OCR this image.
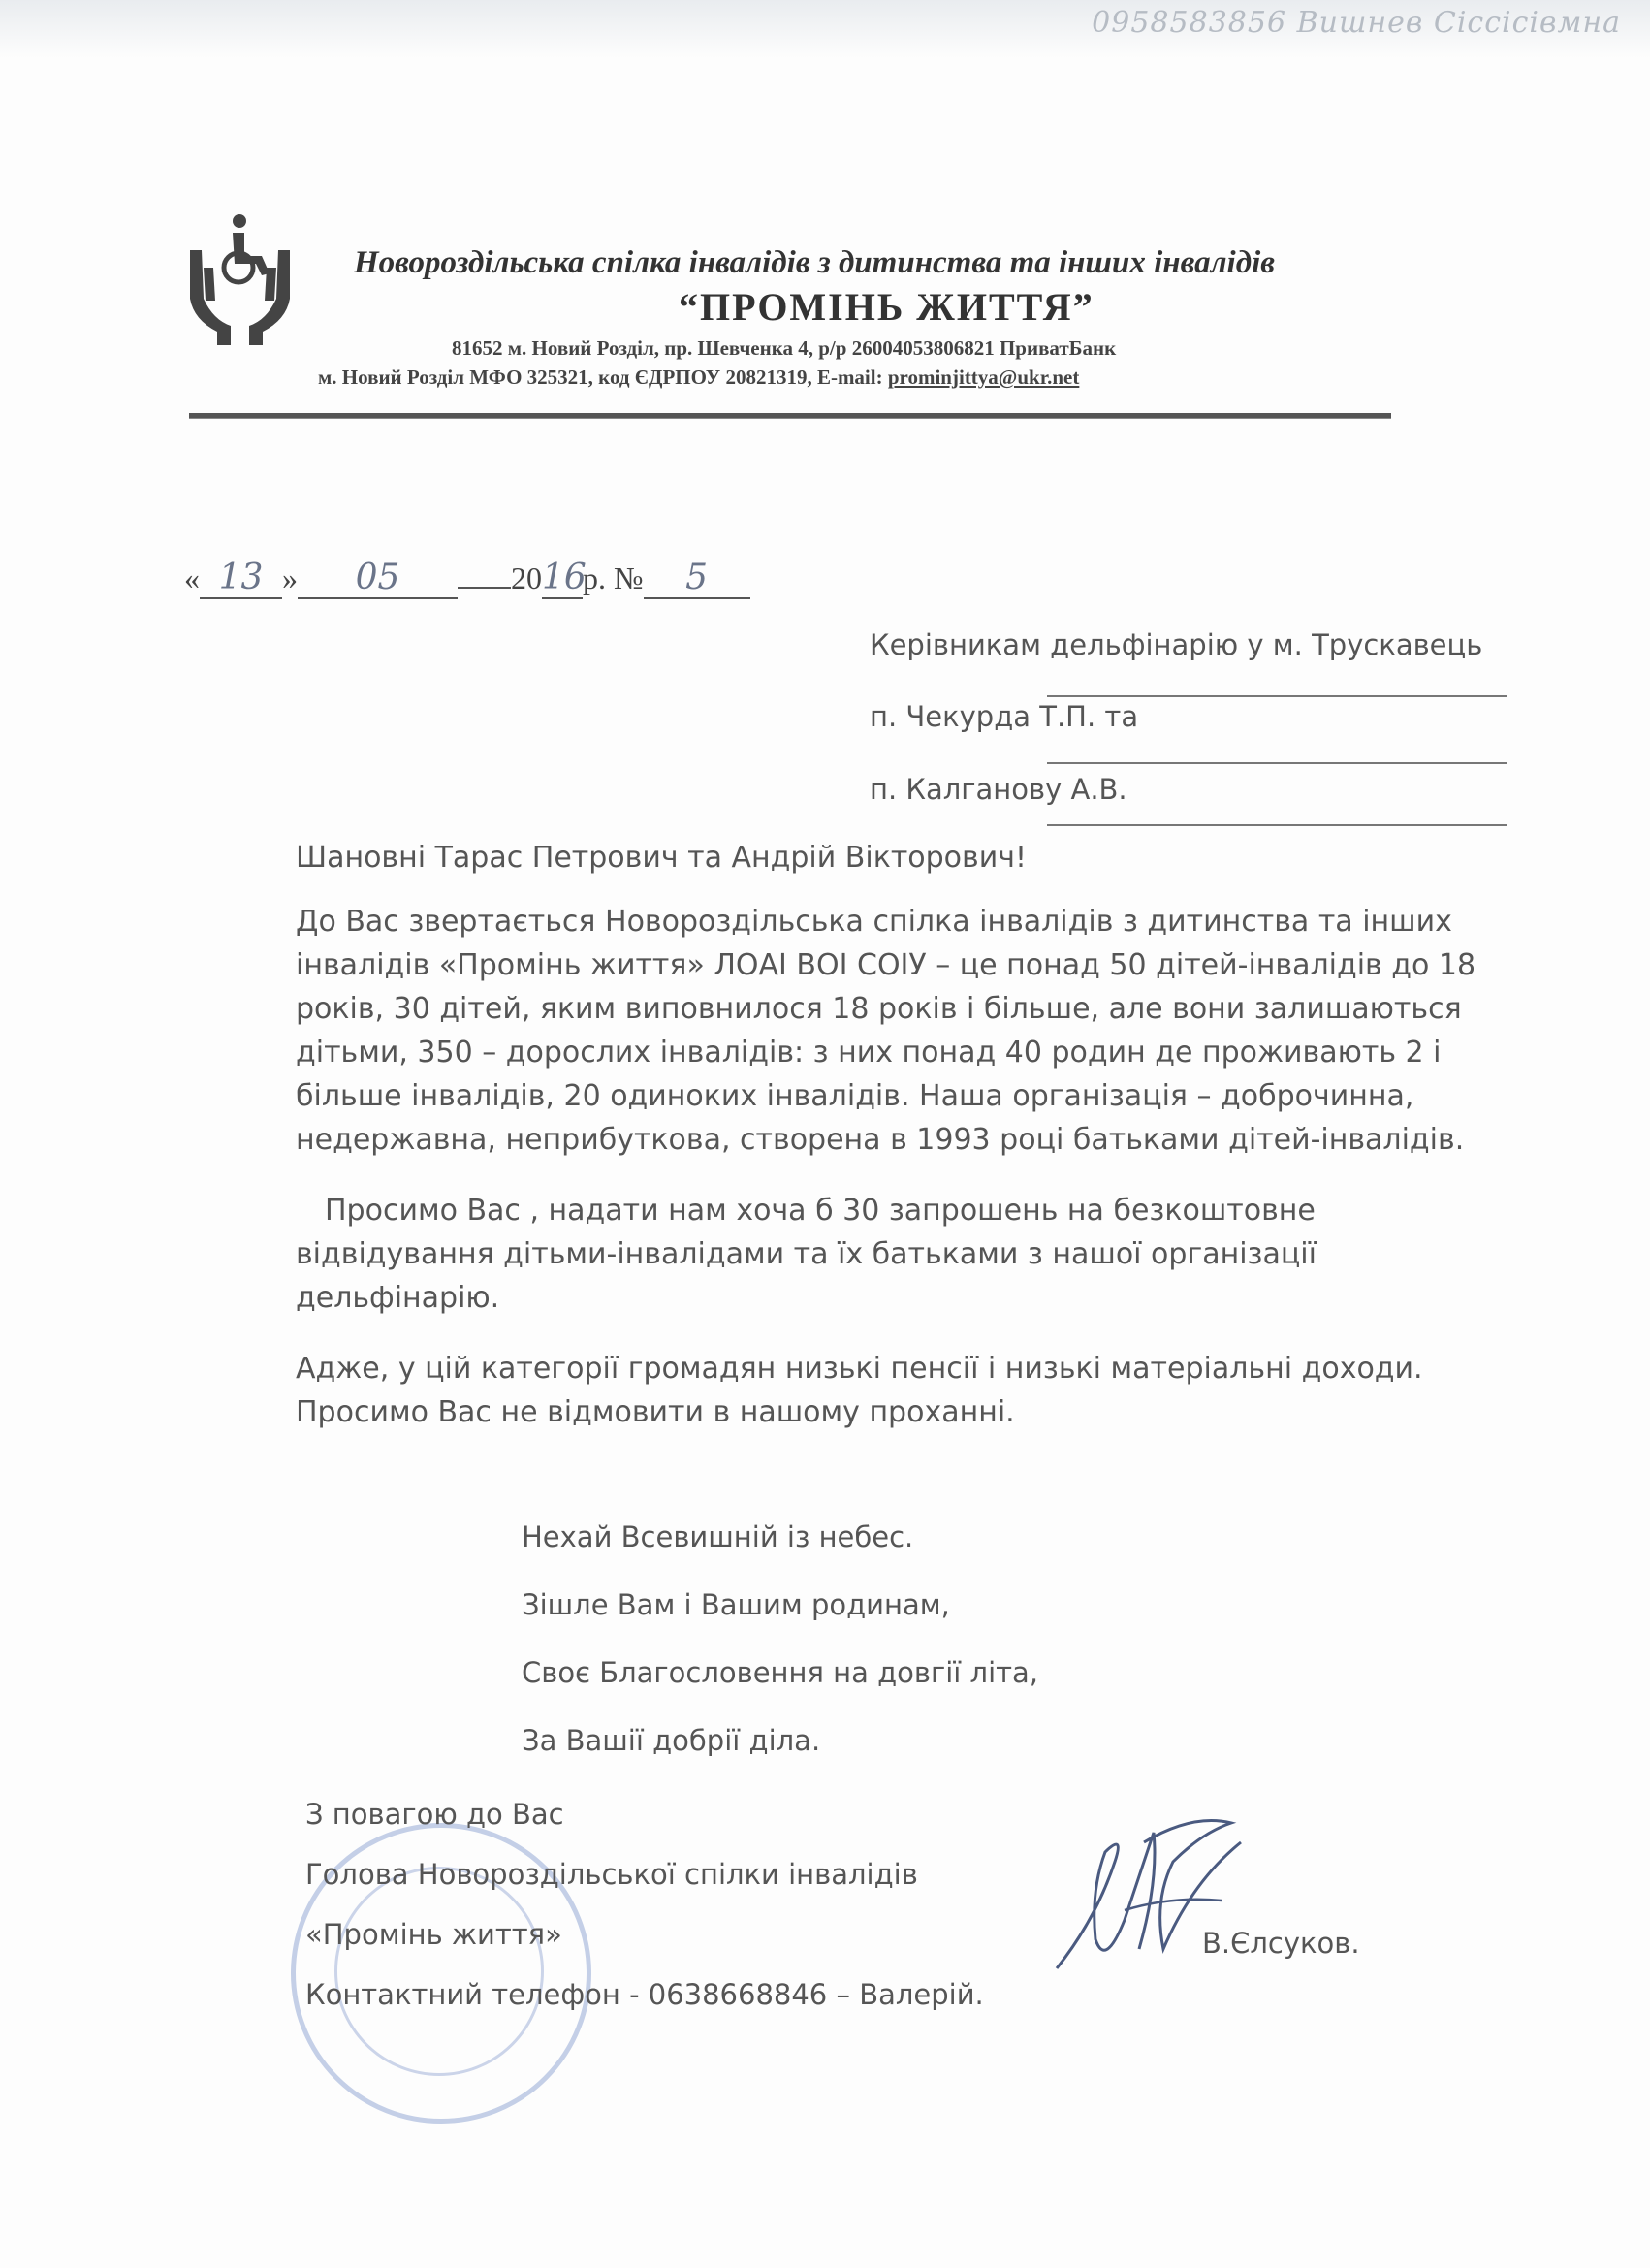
0958583856 Вишнев Сіссісівмна
Новороздільська спілка інвалідів з дитинства та інших інвалідів
“ПРОМІНЬ ЖИТТЯ”
81652 м. Новий Розділ, пр. Шевченка 4, р/р 26004053806821 ПриватБанк
м. Новий Розділ МФО 325321, код ЄДРПОУ 20821319, E-mail: prominjittya@ukr.net
« 13 » 05	2016р. № 5
Керівникам дельфінарію у м. Трускавець
п. Чекурда Т.П. та
п. Калганову А.В.
Шановні Тарас Петрович та Андрій Вікторович!

До Вас звертається Новороздільська спілка інвалідів з дитинства та інших інвалідів «Промінь життя» ЛОАІ ВОІ СОІУ – це понад 50 дітей-інвалідів до 18 років, 30 дітей, яким виповнилося 18 років і більше, але вони залишаються дітьми, 350 – дорослих інвалідів: з них понад 40 родин де проживають 2 і більше інвалідів, 20 одиноких інвалідів. Наша організація – доброчинна, недержавна, неприбуткова, створена в 1993 році батьками дітей-інвалідів.

Просимо Вас , надати нам хоча б 30 запрошень на безкоштовне відвідування дітьми-інвалідами та їх батьками з нашої організації дельфінарію.

Адже, у цій категорії громадян низькі пенсії і низькі матеріальні доходи. Просимо Вас не відмовити в нашому проханні.

Нехай Всевишній із небес.
Зішле Вам і Вашим родинам,
Своє Благословення на довгії літа,
За Вашії добрії діла.
З повагою до Вас
Голова Новороздільської спілки інвалідів
«Промінь життя»
Контактний телефон - 0638668846 – Валерій.
В.Єлсуков.
